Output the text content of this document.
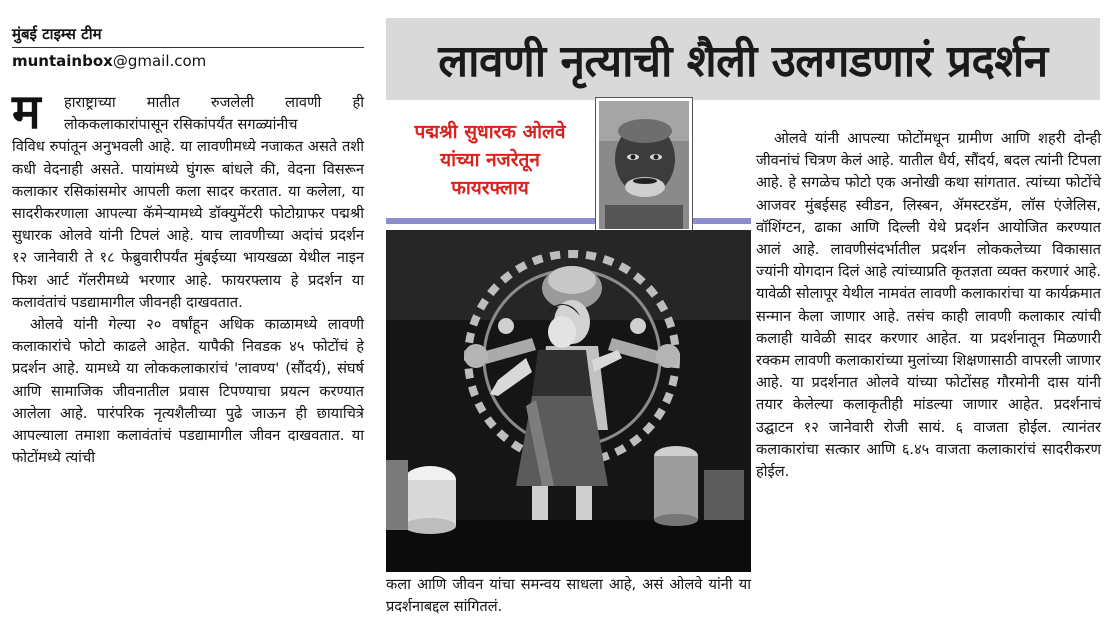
मुंबई टाइम्स टीम
muntainbox@gmail.com
म	हाराष्ट्राच्या मातीत रुजलेली लावणी ही लोककलाकारांपासून रसिकांपर्यंत सगळ्यांनीच

विविध रुपांतून अनुभवली आहे. या लावणीमध्ये नजाकत असते तशी कधी वेदनाही असते. पायांमध्ये घुंगरू बांधले की, वेदना विसरून कलाकार रसिकांसमोर आपली कला सादर करतात. या कलेला, या सादरीकरणाला आपल्या कॅमेऱ्यामध्ये डॉक्युमेंटरी फोटोग्राफर पद्मश्री सुधारक ओलवे यांनी टिपलं आहे. याच लावणीच्या अदांचं प्रदर्शन १२ जानेवारी ते १८ फेब्रुवारीपर्यंत मुंबईच्या भायखळा येथील नाइन फिश आर्ट गॅलरीमध्ये भरणार आहे. फायरफ्लाय हे प्रदर्शन या कलावंतांचं पडद्यामागील जीवनही दाखवतात.

ओलवे यांनी गेल्या २० वर्षांहून अधिक काळामध्ये लावणी कलाकारांचे फोटो काढले आहेत. यापैकी निवडक ४५ फोटोंचं हे प्रदर्शन आहे. यामध्ये या लोककलाकारांचं 'लावण्य' (सौंदर्य), संघर्ष आणि सामाजिक जीवनातील प्रवास टिपण्याचा प्रयत्न करण्यात आलेला आहे. पारंपरिक नृत्यशैलीच्या पुढे जाऊन ही छायाचित्रे आपल्याला तमाशा कलावंतांचं पडद्यामागील जीवन दाखवतात. या फोटोंमध्ये त्यांची

लावणी नृत्याची शैली उलगडणारं प्रदर्शन
पद्मश्री सुधारक ओलवे
यांच्या नजरेतून
फायरफ्लाय

कला आणि जीवन यांचा समन्वय साधला आहे, असं ओलवे यांनी या प्रदर्शनाबद्दल सांगितलं.

ओलवे यांनी आपल्या फोटोंमधून ग्रामीण आणि शहरी दोन्ही जीवनांचं चित्रण केलं आहे. यातील धैर्य, सौंदर्य, बदल त्यांनी टिपला आहे. हे सगळेच फोटो एक अनोखी कथा सांगतात. त्यांच्या फोटोंचे आजवर मुंबईसह स्वीडन, लिस्बन, ॲमस्टरडॅम, लॉस एंजेलिस, वॉशिंग्टन, ढाका आणि दिल्ली येथे प्रदर्शन आयोजित करण्यात आलं आहे. लावणीसंदर्भातील प्रदर्शन लोककलेच्या विकासात ज्यांनी योगदान दिलं आहे त्यांच्याप्रति कृतज्ञता व्यक्त करणारं आहे. यावेळी सोलापूर येथील नामवंत लावणी कलाकारांचा या कार्यक्रमात सन्मान केला जाणार आहे. तसंच काही लावणी कलाकार त्यांची कलाही यावेळी सादर करणार आहेत. या प्रदर्शनातून मिळणारी रक्कम लावणी कलाकारांच्या मुलांच्या शिक्षणासाठी वापरली जाणार आहे. या प्रदर्शनात ओलवे यांच्या फोटोंसह गौरमोनी दास यांनी तयार केलेल्या कलाकृतीही मांडल्या जाणार आहेत. प्रदर्शनाचं उद्घाटन १२ जानेवारी रोजी सायं. ६ वाजता होईल. त्यानंतर कलाकारांचा सत्कार आणि ६.४५ वाजता कलाकारांचं सादरीकरण होईल.
